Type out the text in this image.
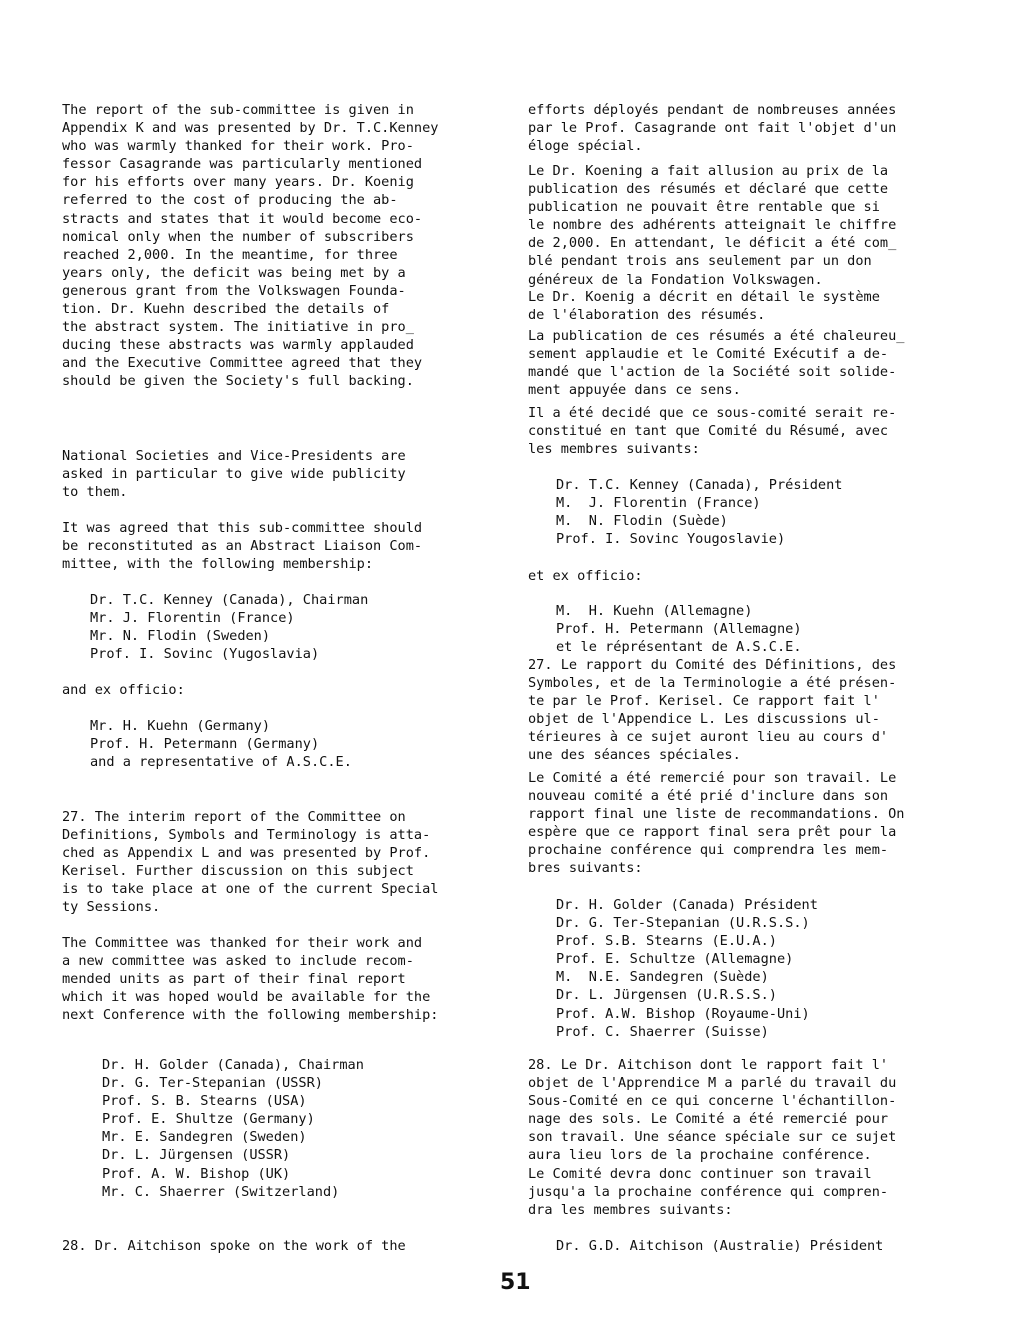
The report of the sub-committee is given in
Appendix K and was presented by Dr. T.C.Kenney
who was warmly thanked for their work. Pro-
fessor Casagrande was particularly mentioned
for his efforts over many years. Dr. Koenig
referred to the cost of producing the ab-
stracts and states that it would become eco-
nomical only when the number of subscribers
reached 2,000. In the meantime, for three
years only, the deficit was being met by a
generous grant from the Volkswagen Founda-
tion. Dr. Kuehn described the details of
the abstract system. The initiative in pro_
ducing these abstracts was warmly applauded
and the Executive Committee agreed that they
should be given the Society's full backing.
National Societies and Vice-Presidents are
asked in particular to give wide publicity
to them.
It was agreed that this sub-committee should
be reconstituted as an Abstract Liaison Com-
mittee, with the following membership:
Dr. T.C. Kenney (Canada), Chairman
Mr. J. Florentin (France)
Mr. N. Flodin (Sweden)
Prof. I. Sovinc (Yugoslavia)
and ex officio:
Mr. H. Kuehn (Germany)
Prof. H. Petermann (Germany)
and a representative of A.S.C.E.
27. The interim report of the Committee on
Definitions, Symbols and Terminology is atta-
ched as Appendix L and was presented by Prof.
Kerisel. Further discussion on this subject
is to take place at one of the current Special
ty Sessions.
The Committee was thanked for their work and
a new committee was asked to include recom-
mended units as part of their final report
which it was hoped would be available for the
next Conference with the following membership:
Dr. H. Golder (Canada), Chairman
Dr. G. Ter-Stepanian (USSR)
Prof. S. B. Stearns (USA)
Prof. E. Shultze (Germany)
Mr. E. Sandegren (Sweden)
Dr. L. Jürgensen (USSR)
Prof. A. W. Bishop (UK)
Mr. C. Shaerrer (Switzerland)
28. Dr. Aitchison spoke on the work of the
efforts déployés pendant de nombreuses années
par le Prof. Casagrande ont fait l'objet d'un
éloge spécial.
Le Dr. Koening a fait allusion au prix de la
publication des résumés et déclaré que cette
publication ne pouvait être rentable que si
le nombre des adhérents atteignait le chiffre
de 2,000. En attendant, le déficit a été com_
blé pendant trois ans seulement par un don
généreux de la Fondation Volkswagen.
Le Dr. Koenig a décrit en détail le système
de l'élaboration des résumés.
La publication de ces résumés a été chaleureu_
sement applaudie et le Comité Exécutif a de-
mandé que l'action de la Société soit solide-
ment appuyée dans ce sens.
Il a été decidé que ce sous-comité serait re-
constitué en tant que Comité du Résumé, avec
les membres suivants:
Dr. T.C. Kenney (Canada), Président
M.  J. Florentin (France)
M.  N. Flodin (Suède)
Prof. I. Sovinc Yougoslavie)
et ex officio:
M.  H. Kuehn (Allemagne)
Prof. H. Petermann (Allemagne)
et le réprésentant de A.S.C.E.
27. Le rapport du Comité des Définitions, des
Symboles, et de la Terminologie a été présen-
te par le Prof. Kerisel. Ce rapport fait l'
objet de l'Appendice L. Les discussions ul-
térieures à ce sujet auront lieu au cours d'
une des séances spéciales.
Le Comité a été remercié pour son travail. Le
nouveau comité a été prié d'inclure dans son
rapport final une liste de recommandations. On
espère que ce rapport final sera prêt pour la
prochaine conférence qui comprendra les mem-
bres suivants:
Dr. H. Golder (Canada) Président
Dr. G. Ter-Stepanian (U.R.S.S.)
Prof. S.B. Stearns (E.U.A.)
Prof. E. Schultze (Allemagne)
M.  N.E. Sandegren (Suède)
Dr. L. Jürgensen (U.R.S.S.)
Prof. A.W. Bishop (Royaume-Uni)
Prof. C. Shaerrer (Suisse)
28. Le Dr. Aitchison dont le rapport fait l'
objet de l'Apprendice M a parlé du travail du
Sous-Comité en ce qui concerne l'échantillon-
nage des sols. Le Comité a été remercié pour
son travail. Une séance spéciale sur ce sujet
aura lieu lors de la prochaine conférence.
Le Comité devra donc continuer son travail
jusqu'a la prochaine conférence qui compren-
dra les membres suivants:
Dr. G.D. Aitchison (Australie) Président
51
